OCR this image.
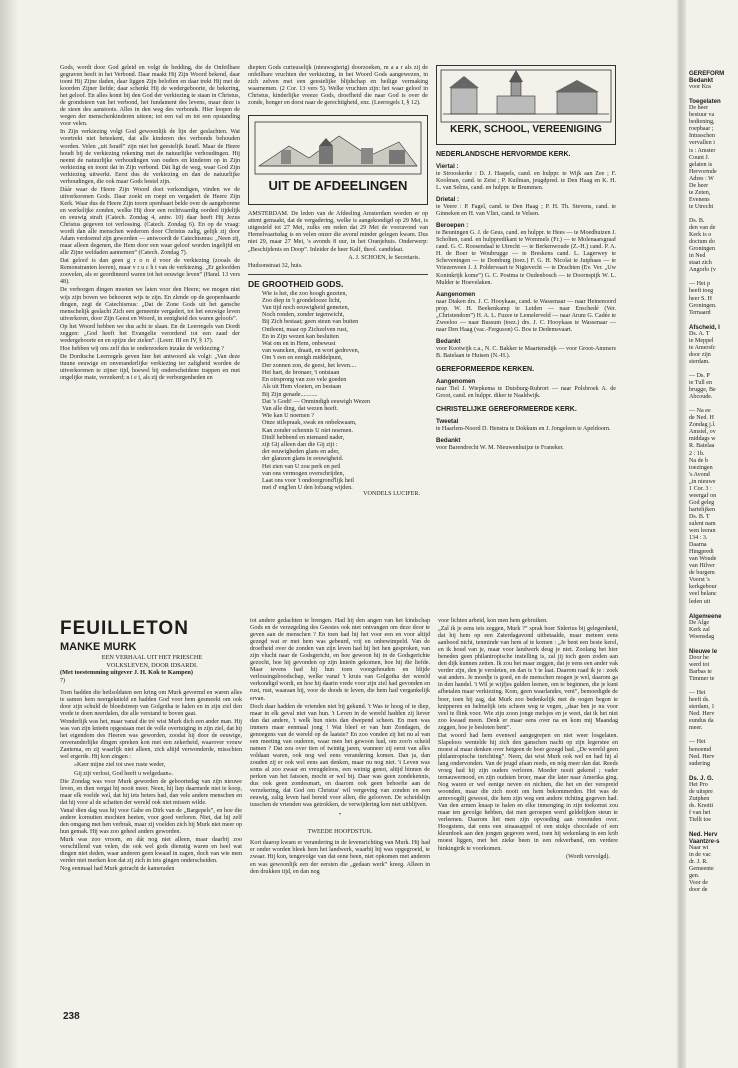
Gods, wordt door God geleid en volgt de bedding, die de Onfeilbare gegraven heeft in het Verbond. Daar maakt Hij Zijn Woord bekend, daar toont Hij Zijne daden, daar liggen Zijn beloften en daar trekt Hij met de koorden Zijner liefde; daar schenkt Hij de wedergeboorte, de bekering, het geloof. En alles komt bij den God der verkiezing te staan in Christus, de grondsteen van het verbond, het fundament des levens, maar deze is de steen des aanstoots. Alles in den weg des verbonds. Hier loopen de wegen der menschenkinderen uiteen; tot een val en tot een opstanding voor velen.

In Zijn verkiezing volgt God gewoonlijk de lijn der geslachten. Wat voortrekt niet beteekent, dat alle kinderen des verbonds behouden worden. Velen „uit Israël” zijn niet het geestelijk Israël. Maar de Heere houdt bij de verkiezing rekening met de natuurlijke verhoudingen. Hij neemt de natuurlijke verhoudingen van ouders en kinderen op in Zijn verkiezing en toont dat in Zijn verbond. Dàt ligt de weg, waar God Zijn verkiezing uitwerkt. Eerst dus de verkiezing en dan de natuurlijke verhoudingen, die ook maar Gods bestel zijn.

Dáár waar de Heere Zijn Woord doet verkondigen, vinden we de uitverkorenen Gods. Daar zoekt en roept en vergadert de Heere Zijn Kerk. Waar dus de Heere Zijn toorn openbaart belde over de aangeborene en werkelijke zonden, welke Hij door een rechtvaardig oordeel tijdelijk en eeuwig straft (Catech. Zondag 4, antw. 10) daar heeft Hij Jezus Christus gegeven tot verlossing. (Catech. Zondag 6). En op de vraag: wordt dan alle menschen wederom door Christus zalig, gelijk zij door Adam verdoemd zijn geworden — antwoordt de Catechismus: „Neen zij, maar alleen degenen, die Hem door een waar geloof worden ingelijfd en alle Zijne weldaden aannemen” (Catech. Zondag 7).

Dat geloof is dan geen g r o n d voor de verkiezing (zooals de Remonstranten leeren), maar v r u c h t van de verkiezing. „Er geloofden zoovelen, als er geordineerd waren tot het eeuwige leven” (Hand. 13 vers 48).

De verborgen dingen moeten we laten voor den Heere; we mogen niet wijs zijn boven we behooren wijs te zijn. En zlende op de geopenbaarde dingen, zegt de Catechismus: „Dat de Zone Gods uit het gansche menschelijk geslacht Zich een gemeente vergadert, tot het eeuwige leven uitverkoren, door Zijn Geest en Woord, in eenigheid des waren geloofs”.

Op het Woord hebben we dus acht te slaan. En de Leerregels van Dordt zeggen: „God heeft het Evangelie verordend tot een zaad der wedergeboorte en en spijze der zielen”. (Leerr. III en IV, § 17).

Hoe hebben wij ons zelf dus te onderzoeken inzake de verkiezing ?

De Dordtsche Leerregels geven hier het antwoord als volgt: „Van deze ituune eeuwige en onveranderlijke verkiezing ter zaligheid worden de uitverkorenen te zijner tijd, hoewel bij onderscheidene trappen en met ongelijke mate, verzekerd; n i e t, als zij de verborgenheden en

diepten Gods curieuselijk (nieuwsgierig) doorzoeken, m a a r als zij de onfeilbare vruchten der verkiezing, in het Woord Gods aangewezen, in zich zelven met een geestelijke blijdschap en heilige vermaking waarnemen. (2 Cor. 13 vers 5). Welke vruchten zijn: het waar geloof in Christus, kinderlijke vreeze Gods, droefheid die naar God is over de zonde, honger en dorst naar de gerechtigheid, enz. (Leerregels I, § 12).

UIT DE AFDEELINGEN

AMSTERDAM. De leden van de Afdeeling Amsterdam worden er op attent gemaakt, dat de vergadering, welke is aangekondigd op 29 Mei, is uitgesteld tot 27 Mei, zulks om reden dat 29 Mei de vooravond van Hemelvaartsdag is en velen onzer die avond minder gelegen kwam. Dus niet 29, maar 27 Mei, 's avonds 8 uur, in het Oranjehuis. Onderwerp: „Beschijdenis en Doop”. Inleider de heer Kalf, theol. candidaat.

A. J. SCHOEN, le Secretaris.

Hudsonstraat 32, huis.

DE GROOTHEID GODS.
Wie is het, die zoo hoogh gezeten,
Zoo diep in 't grondelooze licht,
Van tijd noch eeuwigheid gemeten,
Noch ronden, zonder tegenwicht,
Bij Zich bestaat; geen steun van buiten
Ontleent, maar op Zichzelven rust,
En in Zijn wezen kan besluiten
Wat om en in Hem, onbewust
van wancken, draait, en wort gedreven,
Om 't een en eenigh middelpunt,
Der zonnen zon, de geest, het leven....
Het hart, de bronaer, 't ontstaan
En oirsprong van zoo vele goeden
Als uit Hem vloeien, en bestaan
Bij Zijn genade...........
Dat 's Godt! — Onmindigh eeuwigh Wezen
Van alle ding, dat wezen heeft.
Wie kan U noemen ?
Onze stilspraak, swak en onbekwaam,
Kan zonder schennis U niet noemen.
Dinlf hebbend en niemand nader,
zijt Gij alleen dan die Gij zijt :
der eeuwigheden glans en ader,
der glanzen glans in eeuwigheid.
Het zien van U zou perk en peil
van ons vermogen overschrijden,
Laat ons voor 't ondoorgrond'lijk heil
met d' eng'len U den lofzang wijden.
VONDELS LUCIFER.
KERK, SCHOOL, VEREENIGING
NEDERLANDSCHE HERVORMDE KERK.
Viertal :

te Strooskerke : D. J. Haspels, cand. en hulppr. te Wijk aan Zee ; F. Koolman, cand. te Zeist ; P. Kuilman, jeugdpred. te Den Haag en K. H. L. van Selms, cand. en hulppr. te Brummen.

Drietal :

te Veere : P. Fagel, cand. te Den Haag ; P. H. Th. Stevens, cand. te Ginneken en H. van Vliet, cand. te Velsen.

Beroepen :

te Beuningen G. J. de Geus, cand. en hulppr. te Hees — te Moedhuizen J. Scholten, cand. en hulppredikant te Wommels (Fr.) — te Molenaarsgraaf cand. G. C. Roosendaal te Utrecht — te Berkenwoude (Z.-H.) cand. P. A. H. de Boer te Woubrugge — te Breskens cand. L. Lagerwey te Scheveningen — te Domburg (toez.) F. G. H. Nicolai te Jutphaas — te Vriezenveen J. J. Poldervaart te Nigtevecht — te Drachten (Ev. Ver. „Uw Koninkrijk kome”) G. C. Postma te Oudenbosch — te Doornspijk W. L. Mulder te Hoevelaken.

Aangenomen

naar Diaken drs. J. C. Hooykaas, cand. te Wassenaar — naar Heinenoord prop. W. H. Beekenkamp te Leiden — naar Enschedé (Ver. „Christendom”) H. A. L. Fuzee te Lemelerveld — naar Arum G. Cadée te Zweeloo — naar Bussum (toez.) drs. J. C. Hooykaas te Wassenaar — naar Den Haag (vac.-Ferguson) G. Bos te Dedemsvaart.

Bedankt

voor Kootwijk c.a., N. C. Bakker te Maartensdijk — voor Groot-Ammers B. Batelaan te Huisen (N.-H.).

GEREFORMEERDE KERKEN.
Aangenomen

naar Tiel J. Wiepkema te Duisburg-Ruhrort — naar Polsbroek A. de Groot, cand. en hulppr. diker te Naaldwijk.

CHRISTELIJKE GEREFORMEERDE KERK.
Tweetal

te Haarlem-Noord D. Henstra te Dokkum en J. Jongeleen te Apeldoorn.

Bedankt

voor Barendrecht W. M. Nieuwenhuijze te Franeker.

FEUILLETON
MANKE MURK
EEN VERHAAL UIT HET FRIESCHE
VOLKSLEVEN, DOOR IDSARDI.
(Met toestemming uitgever J. H. Kok te Kampen)
7)

Toen hadden die heilsoldaten een kring om Murk gevormd en waren alles te samen hem neergeknield en hadden God voor hem gesmeekt om ook door zijn schuld de bloedstreep van Golgotha te halen en in zijn ziel den vrede te doen neerdalen, die alle verstand te boven gaat.

Wonderlijk was het, maar vanaf die tré wist Murk dich een ander man. Hij was van zijn knieën opgestaan met de volle overtuiging in zijn ziel, dat hij het eigendom des Heeren was geworden, zoodat hij door de eeuwige, onveranderlijke dingen spreken kon met een zekerheid, waarover vrouw Zantema, en zij waarlijk niet alleen, zich altijd verwonderde, misschien wel ergerde. Hij kon zingen :

»Keer mijne ziel tot uwe ruste weder,

Gij zijt verlost, God heeft u welgedaan«.

Die Zondag was voor Murk geworden de geboortedag van zijn nieuwe leven, en dien vergat hij nooit meer. Neen, hij liep daarmede niet te koop, maar elk voelde wel, dat hij iets beters had, dan vele andere menschen en dat hij voor al de schatten der wereld ook niet missen wilde.

Vanaf dien dag was hij voor Gabe en Dirk van de „Bargepels”, en hoe die andere kornuiten mochten heeten, voor goed verloren. Niet, dat hij zelf den omgang met hen verbrak, maar zij voelden zich bij Murk niet meer op hun gemak. Hij was zoo geheel anders geworden.

Murk was zoo vroom, en dát nog niet alleen, maar daarbij zoo verschillend van velen, die ook wel gods dienstig waren en heel wat dingen niet deden, waar anderen geen kwaad in zagen, doch van wie men verder niet merken kon dat zij zich in iets gingen onderscheiden.

Nog eenmaal had Murk getracht de kameraden

tot andere gedachten te brengen. Had hij den angen van het kindschap Gods en de verzegeling des Geestes ook niet ontvangen om deze door te geven aan de menschen ? En toen had hij het voor een en voor altijd gezegd wat er met hem was gebeurd, vrij en onbewimpeld. Van de droefheid over de zonden van zijn leven had hij het hen gesproken, van zijn vlucht naar de Godsgericht, en hoe gewoon hij in de Godsgerichte gezocht, hoe hij gevonden op zijn knieën gekomen, hoe hij die liefde. Maar tevens had hij hun toen voorgehouden en blijde verlossingsboodschap, welke vanaf 't kruis van Golgotha der wereld verkondigd wordt, en hoe hij daarin vrede voor zijn ziel had gevonden en rust, rust, waaraan hij, voor de doods te leven, die hem had vergankelijk ervan.

Doch daar hadden de vrienden niet bij gekund. 't Was te hoog of te diep, maar in elk geval niet van hun. 't Leven in de wereld hadden zij liever dan dat andere, 't welk hun niets dan dwepend scheen. En men was immers maar eenmaal jong ! Wat bleef er van hun Zondagen, de genoegens van de wereld op de laatste? En zoo vonden zij het nu al van een meeting van ouderen, waar men het gewoon had, om zoo'n scheid namen ? Dat zou over tien of twintig jaren, wanneer zij eerst van alles voldaan waren, ook nog wel eens verandering komen. Dan ja, dan zouden zij er ook wel eens aan denken, maar nu nog niet. 't Leven was soms al zoo zwaar en vreugdeloos, een weinig genot, altijd binnen de perken van het fatsoen, mocht er wel bij. Daar was geen zondekennis, dus ook geen zondesmart, en daarom ook geen behoefte aan de verzekering, dat God om Christus' wil vergeving van zonden en een eeuwig, zalig leven had bereid voor allen, die gelooven. De scheidslijn tusschen de vrienden was getrokken, de verwijdering kon niet uitblijven.

•

TWEEDE HOOFDSTUK.

Kort daarop kwam er verandering in de levensrichting van Murk. Hij had er onder worden bleek hem het landwerk, waarbij hij was opgegroeid, te zwaar. Hij kon, tengevolge van dat eene been, niet opkomen met anderen en was gewoonlijk een der eersten die „gedaan werk” kreeg. Alleen in den drukken tijd, en dan nog

voor lichten arbeid, kon men hem gebruiken.

„Zal ik je eens iets zeggen, Murk ?” sprak boer Siderius bij gelegenheid, dat hij hem op een Zaterdagavond uitbetaalde, maar meteen eens aanbood nicht, tenminde van hem af te komen : „Je bent een beste kerel, en ik houd van je, maar voor landwerk deug je niet. Zoolang het hier beneden geen philantropische instelling is, zal jij toch geen zoden aan den dijk kunnen zetten. Ik zou het maar zeggen, dat je eens een ander vak verder zijn, den je versleten, en dan is 't te laat. Daarom raad ik je : zoek wat anders. Je moedje is goed, en de menschen mogen je wel, daarom ga in den handel. 't Wil je wijfjes gulden leenen, om te beginnen, die je kunt afbetalen maar verkiezing. Kom, geen waarlandes, vent”, bemoedigde de boer, toen hij zag, dat Murk zoo bedenkelijk met de oogen begon te knipperen en helmelijk iets scheen weg te vegen, „daar ben je nu voor veel te flink voor. Wie zijn zoon jonge melsjes en je weet, dat ik het niet zoo kwaad meen. Denk er maar eens over na en kom mij Maandag zeggen, hoe je besloten bent”.

Dat woord had hem evenwel aangegrepen en niet weer losgelaten. Slapeloos wentelde hij zich den ganschen nacht op zijn legerstee en moest al maar denken over hetgeen de boer gezegd had. „De wereld geen philantropische inrichting”. Neen, dat wist Murk ook wel en had hij al lang ondervonden. Van de jeugd afaan reeds, en nóg meer dan dat. Reeds vroeg had hij zijn ouders verloren. Moeder nooit gekend ; vader ternauwernood, en zijn oudsten broer, maar die later naar Amerika ging. Nog waren er wel eenige neven en nichten, die het en der verspreid woonden, maar die zich nooit om hem bekommerden. Het was de armvoogdij geweest, die hem zijn weg een andere richting gegeven had. Van den armen knaap te halen en elke inmenging in zijn toekomst zou maar ten gevolge hebben, dat men geroepen werd geldelijken steun te verleenen. Daarom liet men zijn opvoeding aan vreemden over. Hoogstens, dat eens een sinaasappel of een stukje chocolade of een kleurdoek aan den jongen gegeven werd, toen hij wekenlang in een krib moest liggen, met het zieke been in een rekverband, om verdere hinkingtrik te voorkomen.

(Wordt vervolgd).

238
GEREFORM
Bedankt
voor Kra

Toegelaten
De heer
bestuur va
bediening,
roepbaar ;
Intusschen
vervallen i
is : Amster
Count J.
gelaten is
Hervormde
Adres : W
De heer
te Zeten,
Evenens
te Utrecht

Ds. B.
den van de
Kerk is o
doctum do
Groningen
in Ned
staat zich
Angorlo (v

— Het p
heeft toeg
heer S. H
Groningen.
Ternaard

Afscheid, I
Ds. A. T
te Meppel
te Amersfc
door zijn
sterdam.

— Ds. P
te Tull en
brugge, Be
Abcoude.

— Na ee
de Ned. H
Zondag j.l.
Amstel, ov
middags w
R. Batelaa
2 : 1b.
Na de b
toezingen
's Avond
„in nieuwe
1 Cor. 3 :
weergaf on
God geleg
hartelijken
Ds. B. T
sulent nam
wen leeran
134 : 3.
Daarna
Hingpredi
van Woude
van Hilver
de burgem
Voorst 's
kerkgebour
veel belanc
leden uit

Algemeene
De Alge
Kerk zal
Woensdag

Nieuwe le
Door he
werd tot
Barbas te
Timmer te

— Het
heeft ds.
sterdam, 1
Ned. Herv
eundus da
meer.

— Het
benoemd
Ned. Herv
sudering

Ds. J. G.
Het Pro
de uitspre
Zutphen
ds. Knotti
f van het
Tiellt toe

Ned. Herv
Vaantzre-s
Naar wi
in de vac
dr. J. R.
Gemeente
gen.
Voor de
door de
